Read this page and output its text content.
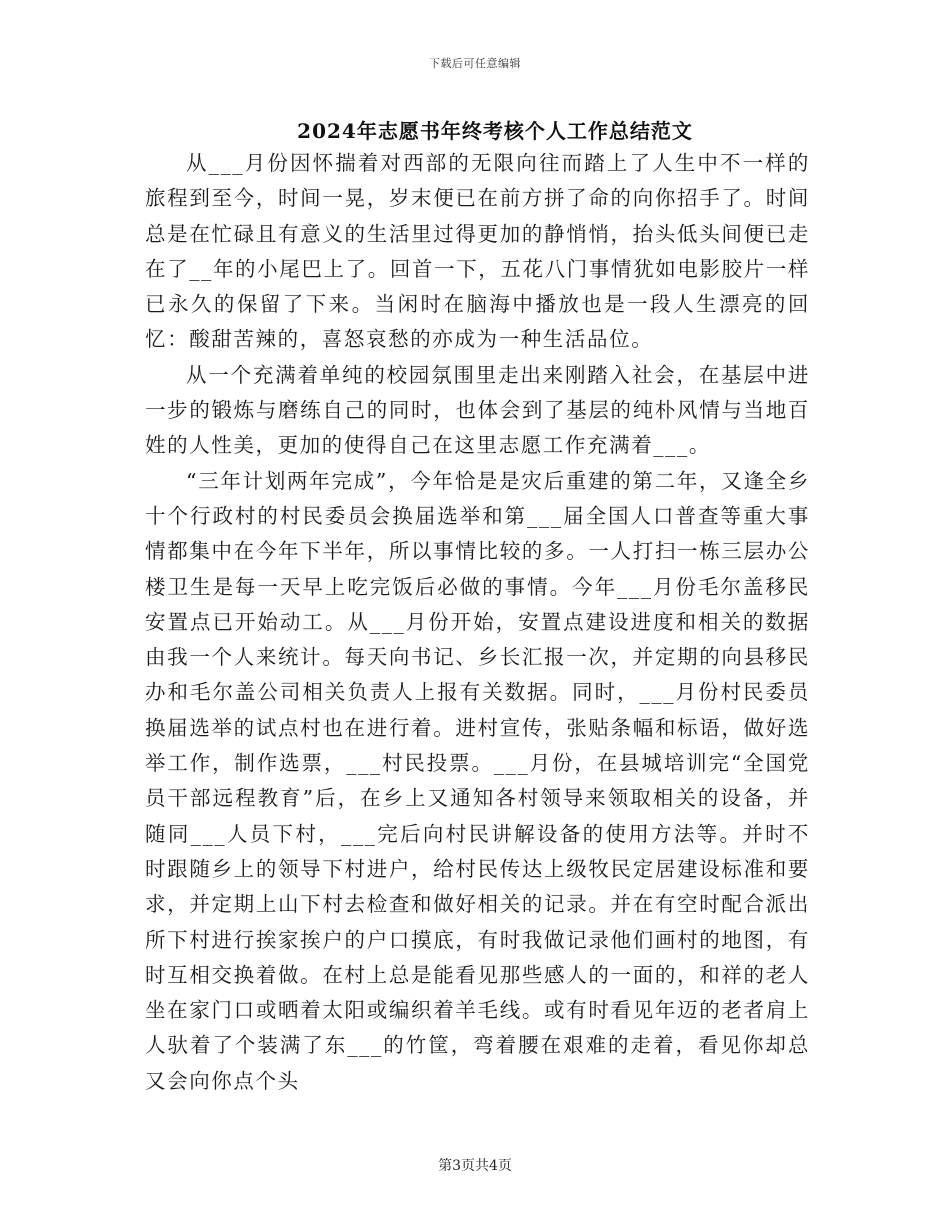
下载后可任意编辑
2024年志愿书年终考核个人工作总结范文

从___月份因怀揣着对西部的无限向往而踏上了人生中不一样的旅程到至今，时间一晃，岁末便已在前方拼了命的向你招手了。时间总是在忙碌且有意义的生活里过得更加的静悄悄，抬头低头间便已走在了__年的小尾巴上了。回首一下，五花八门事情犹如电影胶片一样已永久的保留了下来。当闲时在脑海中播放也是一段人生漂亮的回忆：酸甜苦辣的，喜怒哀愁的亦成为一种生活品位。

从一个充满着单纯的校园氛围里走出来刚踏入社会，在基层中进一步的锻炼与磨练自己的同时，也体会到了基层的纯朴风情与当地百姓的人性美，更加的使得自己在这里志愿工作充满着___。

“三年计划两年完成”，今年恰是是灾后重建的第二年，又逢全乡十个行政村的村民委员会换届选举和第___届全国人口普查等重大事情都集中在今年下半年，所以事情比较的多。一人打扫一栋三层办公楼卫生是每一天早上吃完饭后必做的事情。今年___月份毛尔盖移民安置点已开始动工。从___月份开始，安置点建设进度和相关的数据由我一个人来统计。每天向书记、乡长汇报一次，并定期的向县移民办和毛尔盖公司相关负责人上报有关数据。同时，___月份村民委员换届选举的试点村也在进行着。进村宣传，张贴条幅和标语，做好选举工作，制作选票，___村民投票。___月份，在县城培训完“全国党员干部远程教育”后，在乡上又通知各村领导来领取相关的设备，并随同___人员下村，___完后向村民讲解设备的使用方法等。并时不时跟随乡上的领导下村进户，给村民传达上级牧民定居建设标准和要求，并定期上山下村去检查和做好相关的记录。并在有空时配合派出所下村进行挨家挨户的户口摸底，有时我做记录他们画村的地图，有时互相交换着做。在村上总是能看见那些感人的一面的，和祥的老人坐在家门口或晒着太阳或编织着羊毛线。或有时看见年迈的老者肩上人驮着了个装满了东___的竹筐，弯着腰在艰难的走着，看见你却总又会向你点个头

第3页共4页
